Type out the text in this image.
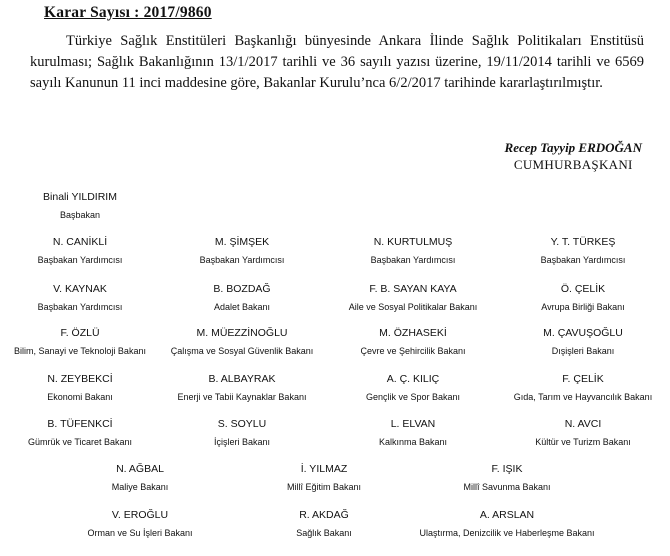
Karar Sayısı : 2017/9860

Türkiye Sağlık Enstitüleri Başkanlığı bünyesinde Ankara İlinde Sağlık Politikaları Enstitüsü kurulması; Sağlık Bakanlığının 13/1/2017 tarihli ve 36 sayılı yazısı üzerine, 19/11/2014 tarihli ve 6569 sayılı Kanunun 11 inci maddesine göre, Bakanlar Kurulu’nca 6/2/2017 tarihinde kararlaştırılmıştır.

Recep Tayyip ERDOĞAN
CUMHURBAŞKANI
Binali YILDIRIM
Başbakan
N. CANİKLİ
Başbakan Yardımcısı
M. ŞİMŞEK
Başbakan Yardımcısı
N. KURTULMUŞ
Başbakan Yardımcısı
Y. T. TÜRKEŞ
Başbakan Yardımcısı
V. KAYNAK
Başbakan Yardımcısı
B. BOZDAĞ
Adalet Bakanı
F. B. SAYAN KAYA
Aile ve Sosyal Politikalar Bakanı
Ö. ÇELİK
Avrupa Birliği Bakanı
F. ÖZLÜ
Bilim, Sanayi ve Teknoloji Bakanı
M. MÜEZZİNOĞLU
Çalışma ve Sosyal Güvenlik Bakanı
M. ÖZHASEKİ
Çevre ve Şehircilik Bakanı
M. ÇAVUŞOĞLU
Dışişleri Bakanı
N. ZEYBEKCİ
Ekonomi Bakanı
B. ALBAYRAK
Enerji ve Tabii Kaynaklar Bakanı
A. Ç. KILIÇ
Gençlik ve Spor Bakanı
F. ÇELİK
Gıda, Tarım ve Hayvancılık Bakanı
B. TÜFENKCİ
Gümrük ve Ticaret Bakanı
S. SOYLU
İçişleri Bakanı
L. ELVAN
Kalkınma Bakanı
N. AVCI
Kültür ve Turizm Bakanı
N. AĞBAL
Maliye Bakanı
İ. YILMAZ
Millî Eğitim Bakanı
F. IŞIK
Millî Savunma Bakanı
V. EROĞLU
Orman ve Su İşleri Bakanı
R. AKDAĞ
Sağlık Bakanı
A. ARSLAN
Ulaştırma, Denizcilik ve Haberleşme Bakanı
